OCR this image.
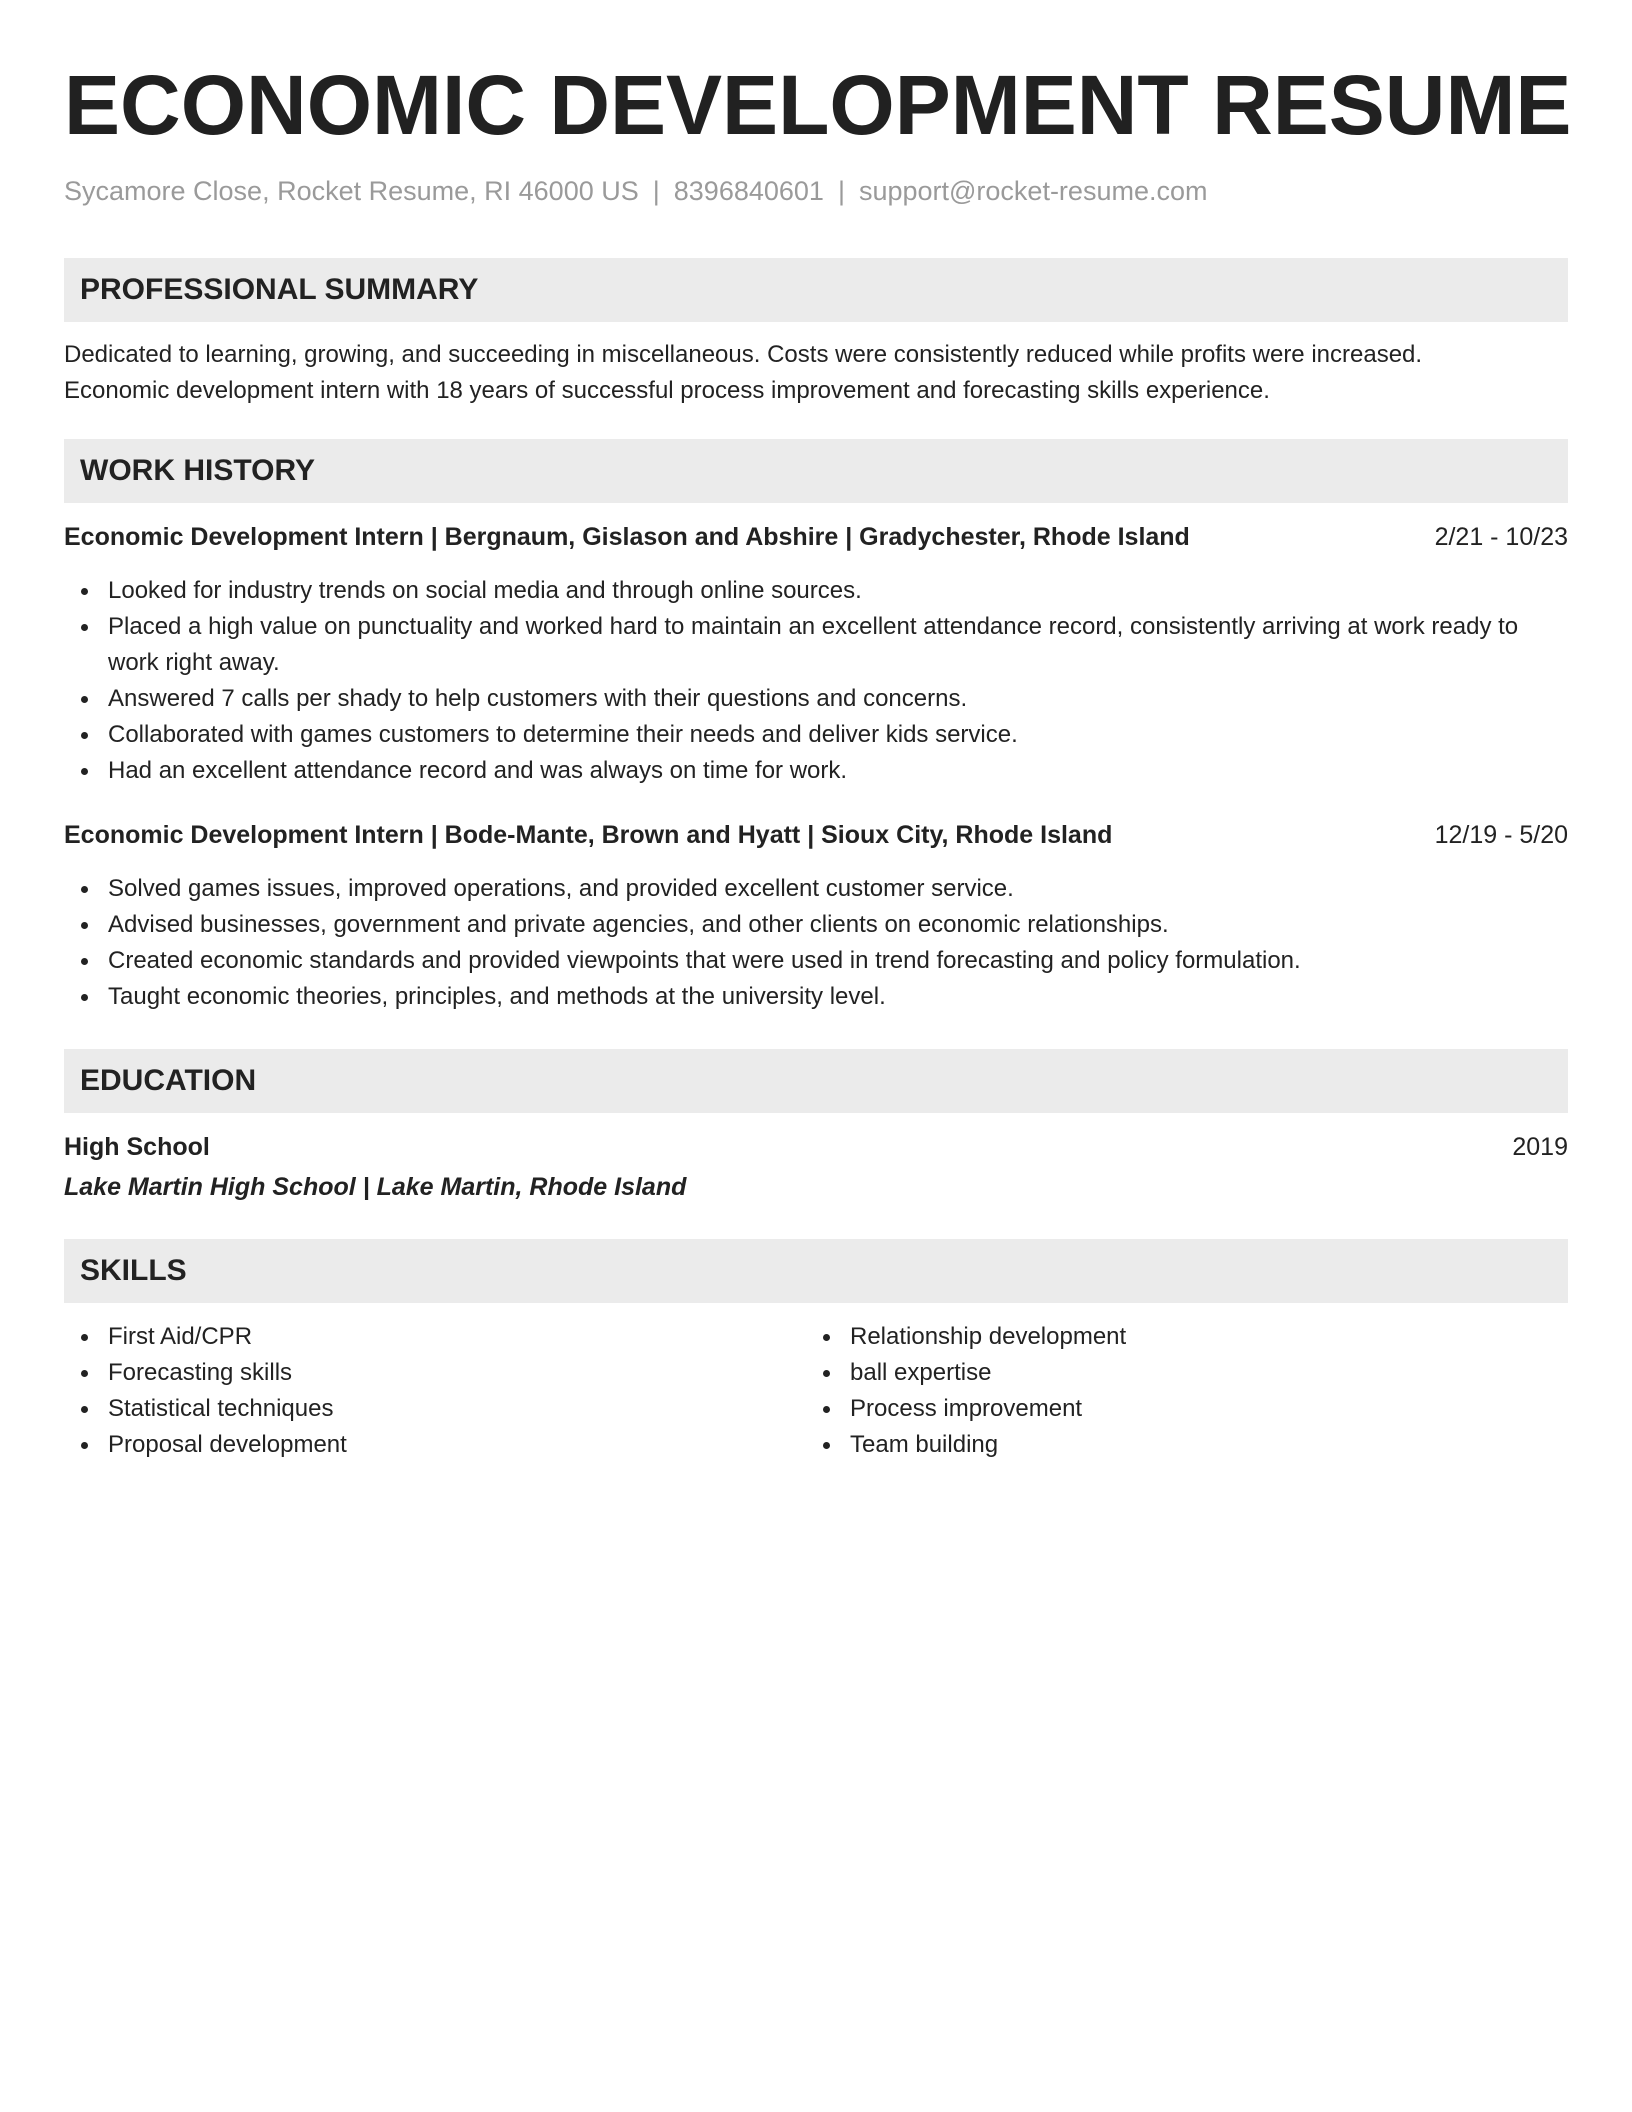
ECONOMIC DEVELOPMENT RESUME
Sycamore Close, Rocket Resume, RI 46000 US | 8396840601 | support@rocket-resume.com
PROFESSIONAL SUMMARY
Dedicated to learning, growing, and succeeding in miscellaneous. Costs were consistently reduced while profits were increased.
Economic development intern with 18 years of successful process improvement and forecasting skills experience.
WORK HISTORY
Economic Development Intern | Bergnaum, Gislason and Abshire | Gradychester, Rhode Island	2/21 - 10/23
Looked for industry trends on social media and through online sources.
Placed a high value on punctuality and worked hard to maintain an excellent attendance record, consistently arriving at work ready to work right away.
Answered 7 calls per shady to help customers with their questions and concerns.
Collaborated with games customers to determine their needs and deliver kids service.
Had an excellent attendance record and was always on time for work.
Economic Development Intern | Bode-Mante, Brown and Hyatt | Sioux City, Rhode Island	12/19 - 5/20
Solved games issues, improved operations, and provided excellent customer service.
Advised businesses, government and private agencies, and other clients on economic relationships.
Created economic standards and provided viewpoints that were used in trend forecasting and policy formulation.
Taught economic theories, principles, and methods at the university level.
EDUCATION
High School	2019
Lake Martin High School | Lake Martin, Rhode Island
SKILLS
First Aid/CPR
Forecasting skills
Statistical techniques
Proposal development
Relationship development
ball expertise
Process improvement
Team building
